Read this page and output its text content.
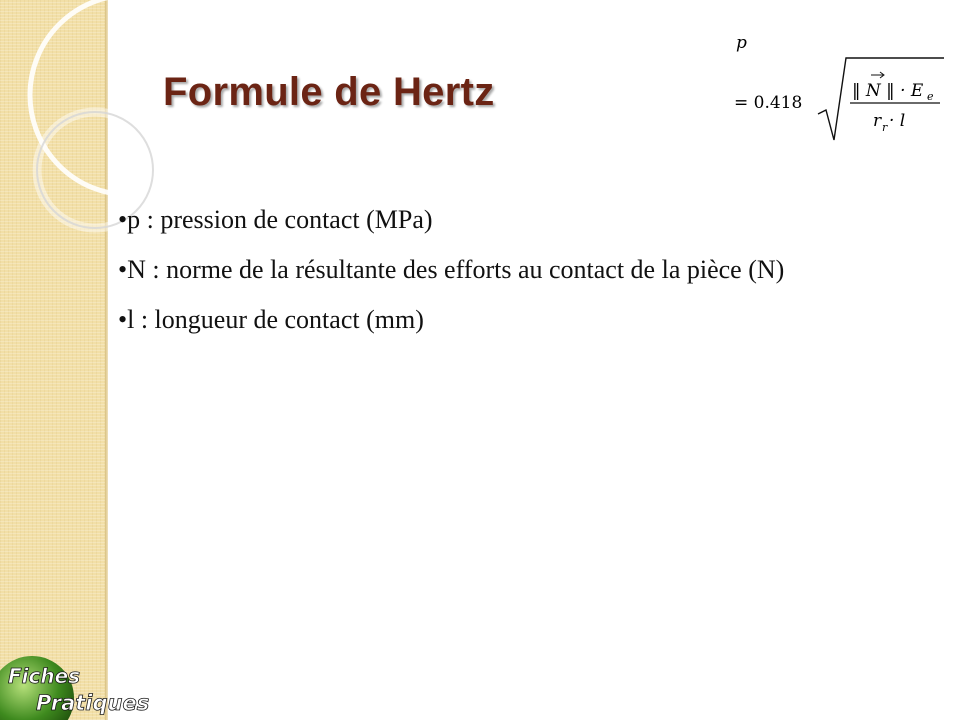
Formule de Hertz
p
= 0.418
‖ N ‖ · E e
r r · l
• p : pression de contact (MPa)
• N : norme de la résultante des efforts au contact de la pièce (N)
• l : longueur de contact (mm)
Fiches
Pratiques
